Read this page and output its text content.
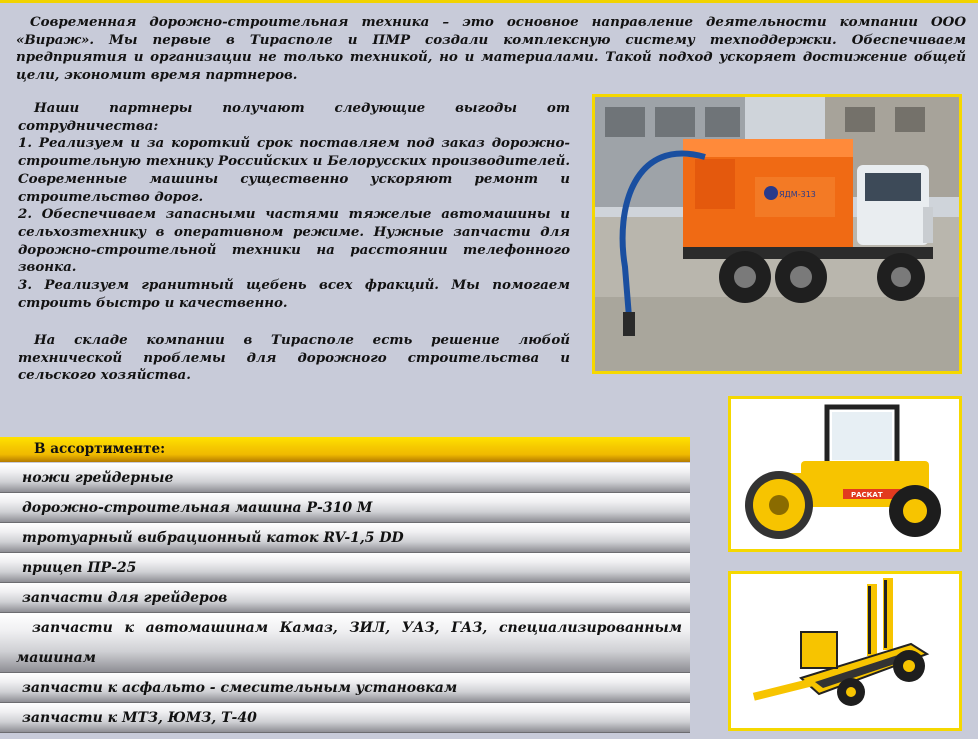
Современная дорожно-строительная техника – это основное направление деятельности компании ООО «Вираж». Мы первые в Тирасполе и ПМР создали комплексную систему техподдержки. Обеспечиваем предприятия и организации не только техникой, но и материалами. Такой подход ускоряет достижение общей цели, экономит время партнеров.

Наши партнеры получают следующие выгоды от сотрудничества:

1. Реализуем и за короткий срок поставляем под заказ дорожно-строительную технику Российских и Белорусских производителей. Современные машины существенно ускоряют ремонт и строительство дорог.

2. Обеспечиваем запасными частями тяжелые автомашины и сельхозтехнику в оперативном режиме. Нужные запчасти для дорожно-строительной техники на расстоянии телефонного звонка.

3. Реализуем гранитный щебень всех фракций. Мы помогаем строить быстро и качественно.

На складе компании в Тирасполе есть решение любой технической проблемы для дорожного строительства и сельского хозяйства.

ЯДМ-313
РАСКАТ
В ассортименте:
ножи грейдерные
дорожно-строительная машина Р-310 М
тротуарный вибрационный каток RV-1,5 DD
прицеп ПР-25
запчасти для грейдеров
запчасти к автомашинам Камаз, ЗИЛ, УАЗ, ГАЗ, специализированным
машинам
запчасти к асфальто - смесительным установкам
запчасти к МТЗ, ЮМЗ, Т-40
